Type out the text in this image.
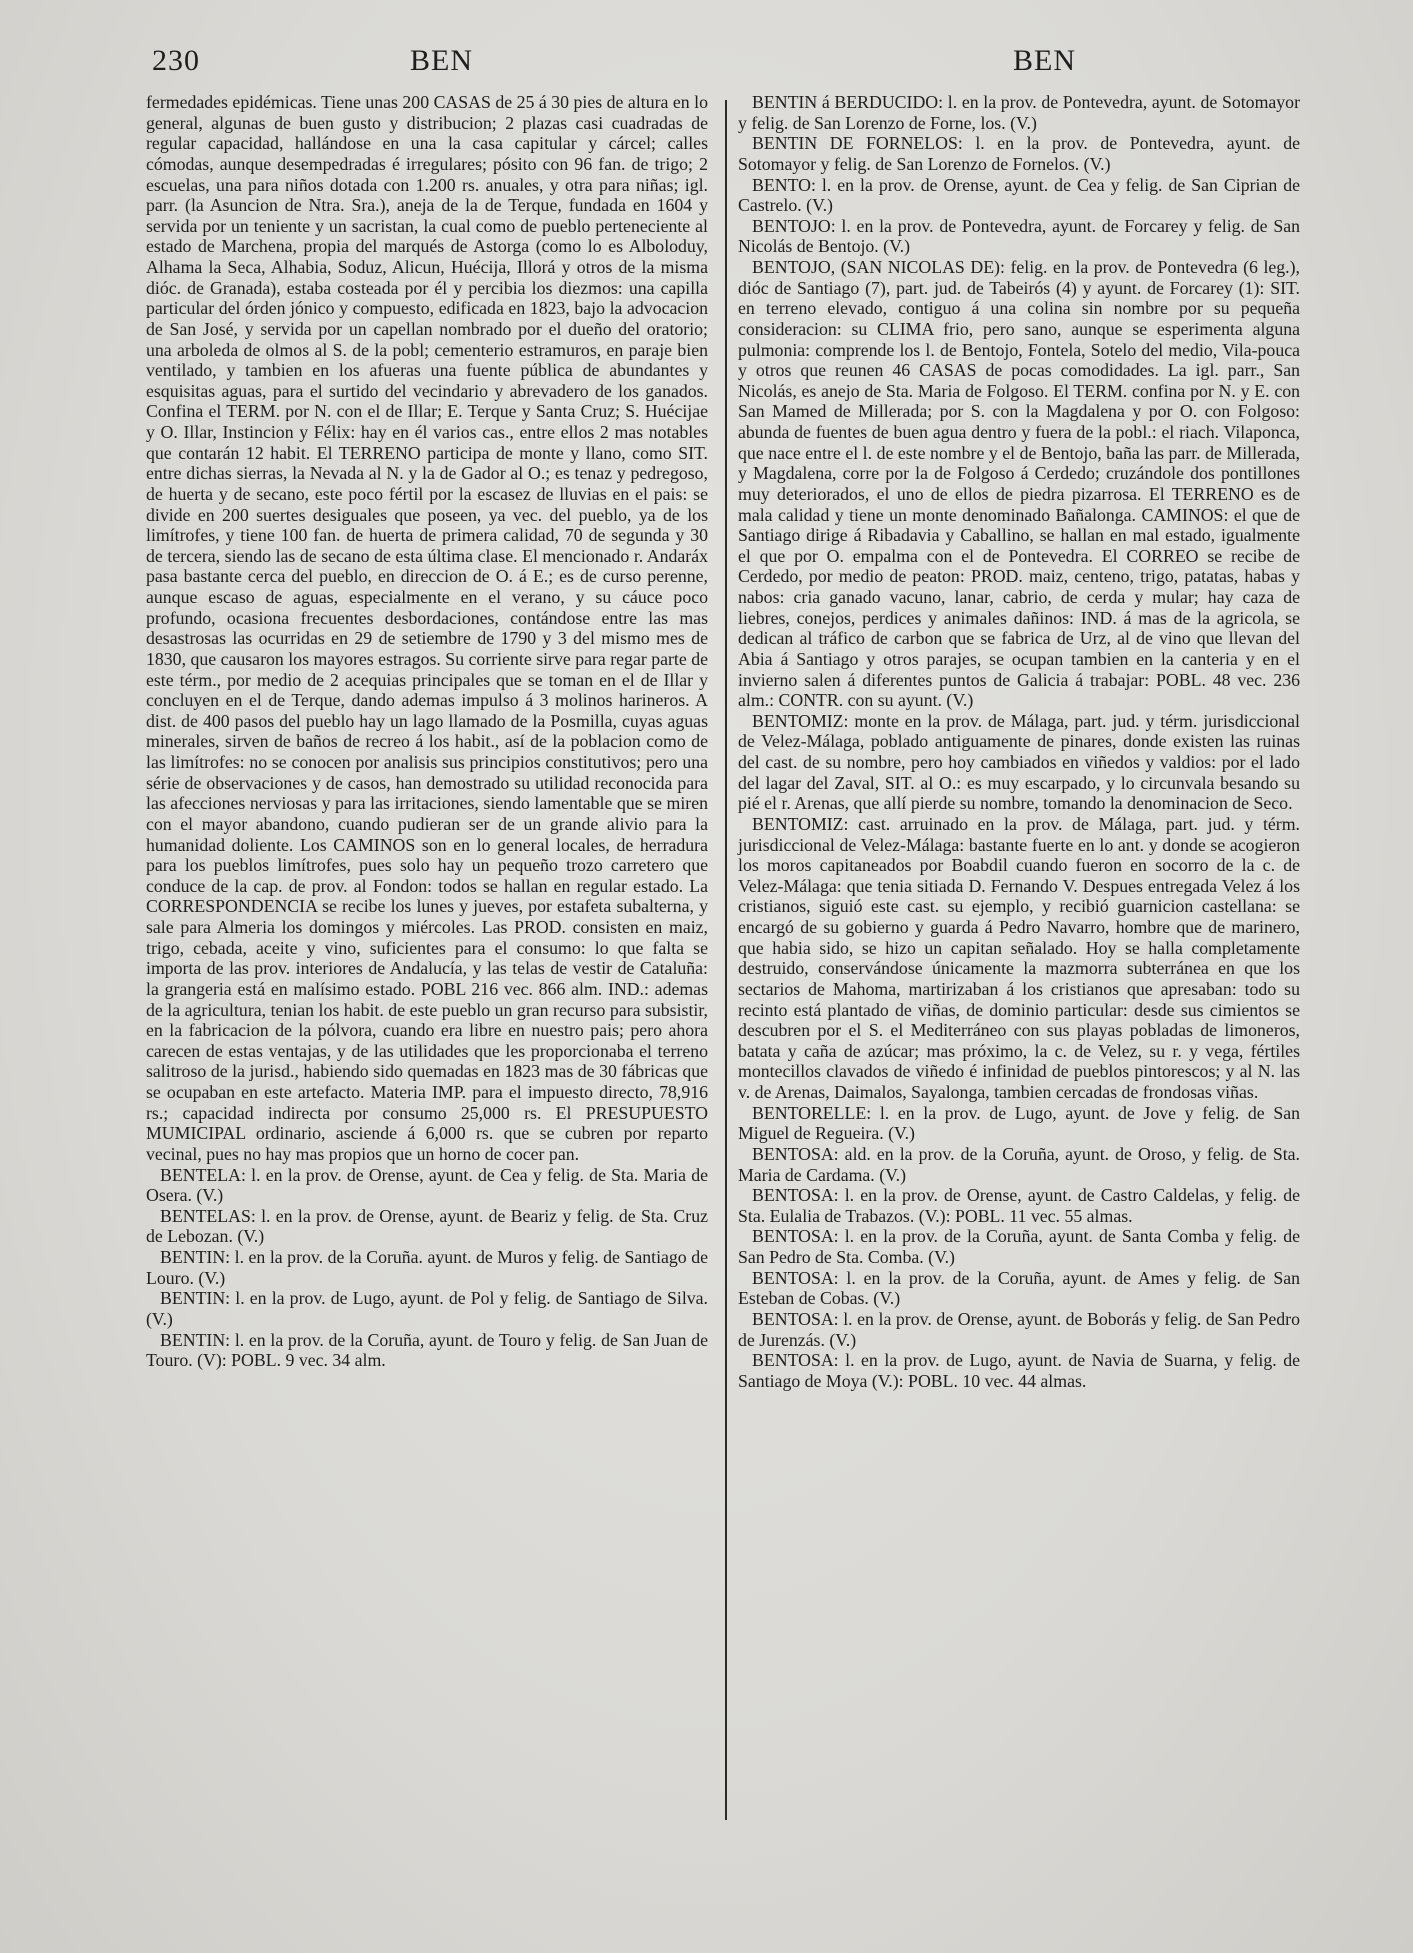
230	BEN	BEN

fermedades epidémicas. Tiene unas 200 CASAS de 25 á 30 pies de altura en lo general, algunas de buen gusto y distribucion; 2 plazas casi cuadradas de regular capacidad, hallándose en una la casa capitular y cárcel; calles cómodas, aunque desempedradas é irregulares; pósito con 96 fan. de trigo; 2 escuelas, una para niños dotada con 1.200 rs. anuales, y otra para niñas; igl. parr. (la Asuncion de Ntra. Sra.), aneja de la de Terque, fundada en 1604 y servida por un teniente y un sacristan, la cual como de pueblo perteneciente al estado de Marchena, propia del marqués de Astorga (como lo es Alboloduy, Alhama la Seca, Alhabia, Soduz, Alicun, Huécija, Illorá y otros de la misma dióc. de Granada), estaba costeada por él y percibia los diezmos: una capilla particular del órden jónico y compuesto, edificada en 1823, bajo la advocacion de San José, y servida por un capellan nombrado por el dueño del oratorio; una arboleda de olmos al S. de la pobl; cementerio estramuros, en paraje bien ventilado, y tambien en los afueras una fuente pública de abundantes y esquisitas aguas, para el surtido del vecindario y abrevadero de los ganados. Confina el TERM. por N. con el de Illar; E. Terque y Santa Cruz; S. Huécijae y O. Illar, Instincion y Félix: hay en él varios cas., entre ellos 2 mas notables que contarán 12 habit. El TERRENO participa de monte y llano, como SIT. entre dichas sierras, la Nevada al N. y la de Gador al O.; es tenaz y pedregoso, de huerta y de secano, este poco fértil por la escasez de lluvias en el pais: se divide en 200 suertes desiguales que poseen, ya vec. del pueblo, ya de los limítrofes, y tiene 100 fan. de huerta de primera calidad, 70 de segunda y 30 de tercera, siendo las de secano de esta última clase. El mencionado r. Andaráx pasa bastante cerca del pueblo, en direccion de O. á E.; es de curso perenne, aunque escaso de aguas, especialmente en el verano, y su cáuce poco profundo, ocasiona frecuentes desbordaciones, contándose entre las mas desastrosas las ocurridas en 29 de setiembre de 1790 y 3 del mismo mes de 1830, que causaron los mayores estragos. Su corriente sirve para regar parte de este térm., por medio de 2 acequias principales que se toman en el de Illar y concluyen en el de Terque, dando ademas impulso á 3 molinos harineros. A dist. de 400 pasos del pueblo hay un lago llamado de la Posmilla, cuyas aguas minerales, sirven de baños de recreo á los habit., así de la poblacion como de las limítrofes: no se conocen por analisis sus principios constitutivos; pero una série de observaciones y de casos, han demostrado su utilidad reconocida para las afecciones nerviosas y para las irritaciones, siendo lamentable que se miren con el mayor abandono, cuando pudieran ser de un grande alivio para la humanidad doliente. Los CAMINOS son en lo general locales, de herradura para los pueblos limítrofes, pues solo hay un pequeño trozo carretero que conduce de la cap. de prov. al Fondon: todos se hallan en regular estado. La CORRESPONDENCIA se recibe los lunes y jueves, por estafeta subalterna, y sale para Almeria los domingos y miércoles. Las PROD. consisten en maiz, trigo, cebada, aceite y vino, suficientes para el consumo: lo que falta se importa de las prov. interiores de Andalucía, y las telas de vestir de Cataluña: la grangeria está en malísimo estado. POBL 216 vec. 866 alm. IND.: ademas de la agricultura, tenian los habit. de este pueblo un gran recurso para subsistir, en la fabricacion de la pólvora, cuando era libre en nuestro pais; pero ahora carecen de estas ventajas, y de las utilidades que les proporcionaba el terreno salitroso de la jurisd., habiendo sido quemadas en 1823 mas de 30 fábricas que se ocupaban en este artefacto. Materia IMP. para el impuesto directo, 78,916 rs.; capacidad indirecta por consumo 25,000 rs. El PRESUPUESTO MUMICIPAL ordinario, asciende á 6,000 rs. que se cubren por reparto vecinal, pues no hay mas propios que un horno de cocer pan.

BENTELA: l. en la prov. de Orense, ayunt. de Cea y felig. de Sta. Maria de Osera. (V.)

BENTELAS: l. en la prov. de Orense, ayunt. de Beariz y felig. de Sta. Cruz de Lebozan. (V.)

BENTIN: l. en la prov. de la Coruña. ayunt. de Muros y felig. de Santiago de Louro. (V.)

BENTIN: l. en la prov. de Lugo, ayunt. de Pol y felig. de Santiago de Silva. (V.)

BENTIN: l. en la prov. de la Coruña, ayunt. de Touro y felig. de San Juan de Touro. (V): POBL. 9 vec. 34 alm.

BENTIN á BERDUCIDO: l. en la prov. de Pontevedra, ayunt. de Sotomayor y felig. de San Lorenzo de Forne, los. (V.)

BENTIN DE FORNELOS: l. en la prov. de Pontevedra, ayunt. de Sotomayor y felig. de San Lorenzo de Fornelos. (V.)

BENTO: l. en la prov. de Orense, ayunt. de Cea y felig. de San Ciprian de Castrelo. (V.)

BENTOJO: l. en la prov. de Pontevedra, ayunt. de Forcarey y felig. de San Nicolás de Bentojo. (V.)

BENTOJO, (SAN NICOLAS DE): felig. en la prov. de Pontevedra (6 leg.), dióc de Santiago (7), part. jud. de Tabeirós (4) y ayunt. de Forcarey (1): SIT. en terreno elevado, contiguo á una colina sin nombre por su pequeña consideracion: su CLIMA frio, pero sano, aunque se esperimenta alguna pulmonia: comprende los l. de Bentojo, Fontela, Sotelo del medio, Vila-pouca y otros que reunen 46 CASAS de pocas comodidades. La igl. parr., San Nicolás, es anejo de Sta. Maria de Folgoso. El TERM. confina por N. y E. con San Mamed de Millerada; por S. con la Magdalena y por O. con Folgoso: abunda de fuentes de buen agua dentro y fuera de la pobl.: el riach. Vilaponca, que nace entre el l. de este nombre y el de Bentojo, baña las parr. de Millerada, y Magdalena, corre por la de Folgoso á Cerdedo; cruzándole dos pontillones muy deteriorados, el uno de ellos de piedra pizarrosa. El TERRENO es de mala calidad y tiene un monte denominado Bañalonga. CAMINOS: el que de Santiago dirige á Ribadavia y Caballino, se hallan en mal estado, igualmente el que por O. empalma con el de Pontevedra. El CORREO se recibe de Cerdedo, por medio de peaton: PROD. maiz, centeno, trigo, patatas, habas y nabos: cria ganado vacuno, lanar, cabrio, de cerda y mular; hay caza de liebres, conejos, perdices y animales dañinos: IND. á mas de la agricola, se dedican al tráfico de carbon que se fabrica de Urz, al de vino que llevan del Abia á Santiago y otros parajes, se ocupan tambien en la canteria y en el invierno salen á diferentes puntos de Galicia á trabajar: POBL. 48 vec. 236 alm.: CONTR. con su ayunt. (V.)

BENTOMIZ: monte en la prov. de Málaga, part. jud. y térm. jurisdiccional de Velez-Málaga, poblado antiguamente de pinares, donde existen las ruinas del cast. de su nombre, pero hoy cambiados en viñedos y valdios: por el lado del lagar del Zaval, SIT. al O.: es muy escarpado, y lo circunvala besando su pié el r. Arenas, que allí pierde su nombre, tomando la denominacion de Seco.

BENTOMIZ: cast. arruinado en la prov. de Málaga, part. jud. y térm. jurisdiccional de Velez-Málaga: bastante fuerte en lo ant. y donde se acogieron los moros capitaneados por Boabdil cuando fueron en socorro de la c. de Velez-Málaga: que tenia sitiada D. Fernando V. Despues entregada Velez á los cristianos, siguió este cast. su ejemplo, y recibió guarnicion castellana: se encargó de su gobierno y guarda á Pedro Navarro, hombre que de marinero, que habia sido, se hizo un capitan señalado. Hoy se halla completamente destruido, conservándose únicamente la mazmorra subterránea en que los sectarios de Mahoma, martirizaban á los cristianos que apresaban: todo su recinto está plantado de viñas, de dominio particular: desde sus cimientos se descubren por el S. el Mediterráneo con sus playas pobladas de limoneros, batata y caña de azúcar; mas próximo, la c. de Velez, su r. y vega, fértiles montecillos clavados de viñedo é infinidad de pueblos pintorescos; y al N. las v. de Arenas, Daimalos, Sayalonga, tambien cercadas de frondosas viñas.

BENTORELLE: l. en la prov. de Lugo, ayunt. de Jove y felig. de San Miguel de Regueira. (V.)

BENTOSA: ald. en la prov. de la Coruña, ayunt. de Oroso, y felig. de Sta. Maria de Cardama. (V.)

BENTOSA: l. en la prov. de Orense, ayunt. de Castro Caldelas, y felig. de Sta. Eulalia de Trabazos. (V.): POBL. 11 vec. 55 almas.

BENTOSA: l. en la prov. de la Coruña, ayunt. de Santa Comba y felig. de San Pedro de Sta. Comba. (V.)

BENTOSA: l. en la prov. de la Coruña, ayunt. de Ames y felig. de San Esteban de Cobas. (V.)

BENTOSA: l. en la prov. de Orense, ayunt. de Boborás y felig. de San Pedro de Jurenzás. (V.)

BENTOSA: l. en la prov. de Lugo, ayunt. de Navia de Suarna, y felig. de Santiago de Moya (V.): POBL. 10 vec. 44 almas.
